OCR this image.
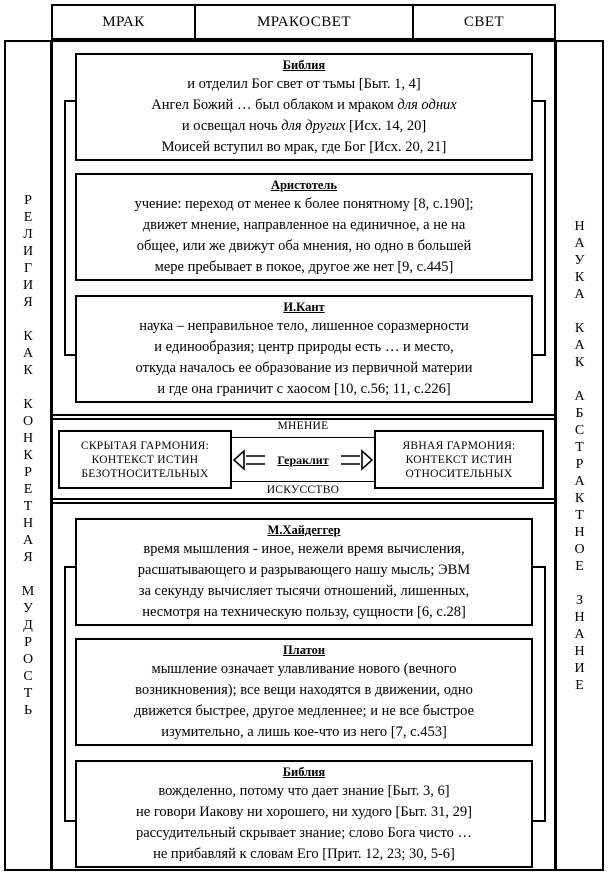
МРАК	МРАКОСВЕТ	СВЕТ
Р
Е
Л
И
Г
И
Я
К
А
К
К
О
Н
К
Р
Е
Т
Н
А
Я
М
У
Д
Р
О
С
Т
Ь
Н
А
У
К
А
К
А
К
А
Б
С
Т
Р
А
К
Т
Н
О
Е
З
Н
А
Н
И
Е
Библия
и отделил Бог свет от тьмы [Быт. 1, 4]
Ангел Божий … был облаком и мраком для одних
и освещал ночь для других [Исх. 14, 20]
Моисей вступил во мрак, где Бог [Исх. 20, 21]
Аристотель
учение: переход от менее к более понятному [8, с.190];
движет мнение, направленное на единичное, а не на
общее, или же движут оба мнения, но одно в большей
мере пребывает в покое, другое же нет [9, с.445]
И.Кант
наука – неправильное тело, лишенное соразмерности
и единообразия; центр природы есть … и место,
откуда началось ее образование из первичной материи
и где она граничит с хаосом [10, с.56; 11, с.226]
МНЕНИЕ
ИСКУССТВО
СКРЫТАЯ ГАРМОНИЯ:
КОНТЕКСТ ИСТИН
БЕЗОТНОСИТЕЛЬНЫХ
ЯВНАЯ ГАРМОНИЯ:
КОНТЕКСТ ИСТИН
ОТНОСИТЕЛЬНЫХ
Гераклит
М.Хайдеггер
время мышления - иное, нежели время вычисления,
расшатывающего и разрывающего нашу мысль; ЭВМ
за секунду вычисляет тысячи отношений, лишенных,
несмотря на техническую пользу, сущности [6, с.28]
Платон
мышление означает улавливание нового (вечного
возникновения); все вещи находятся в движении, одно
движется быстрее, другое медленнее; и не все быстрое
изумительно, а лишь кое-что из него [7, с.453]
Библия
вожделенно, потому что дает знание [Быт. 3, 6]
не говори Иакову ни хорошего, ни худого [Быт. 31, 29]
рассудительный скрывает знание; слово Бога чисто …
не прибавляй к словам Его [Прит. 12, 23; 30, 5-6]
